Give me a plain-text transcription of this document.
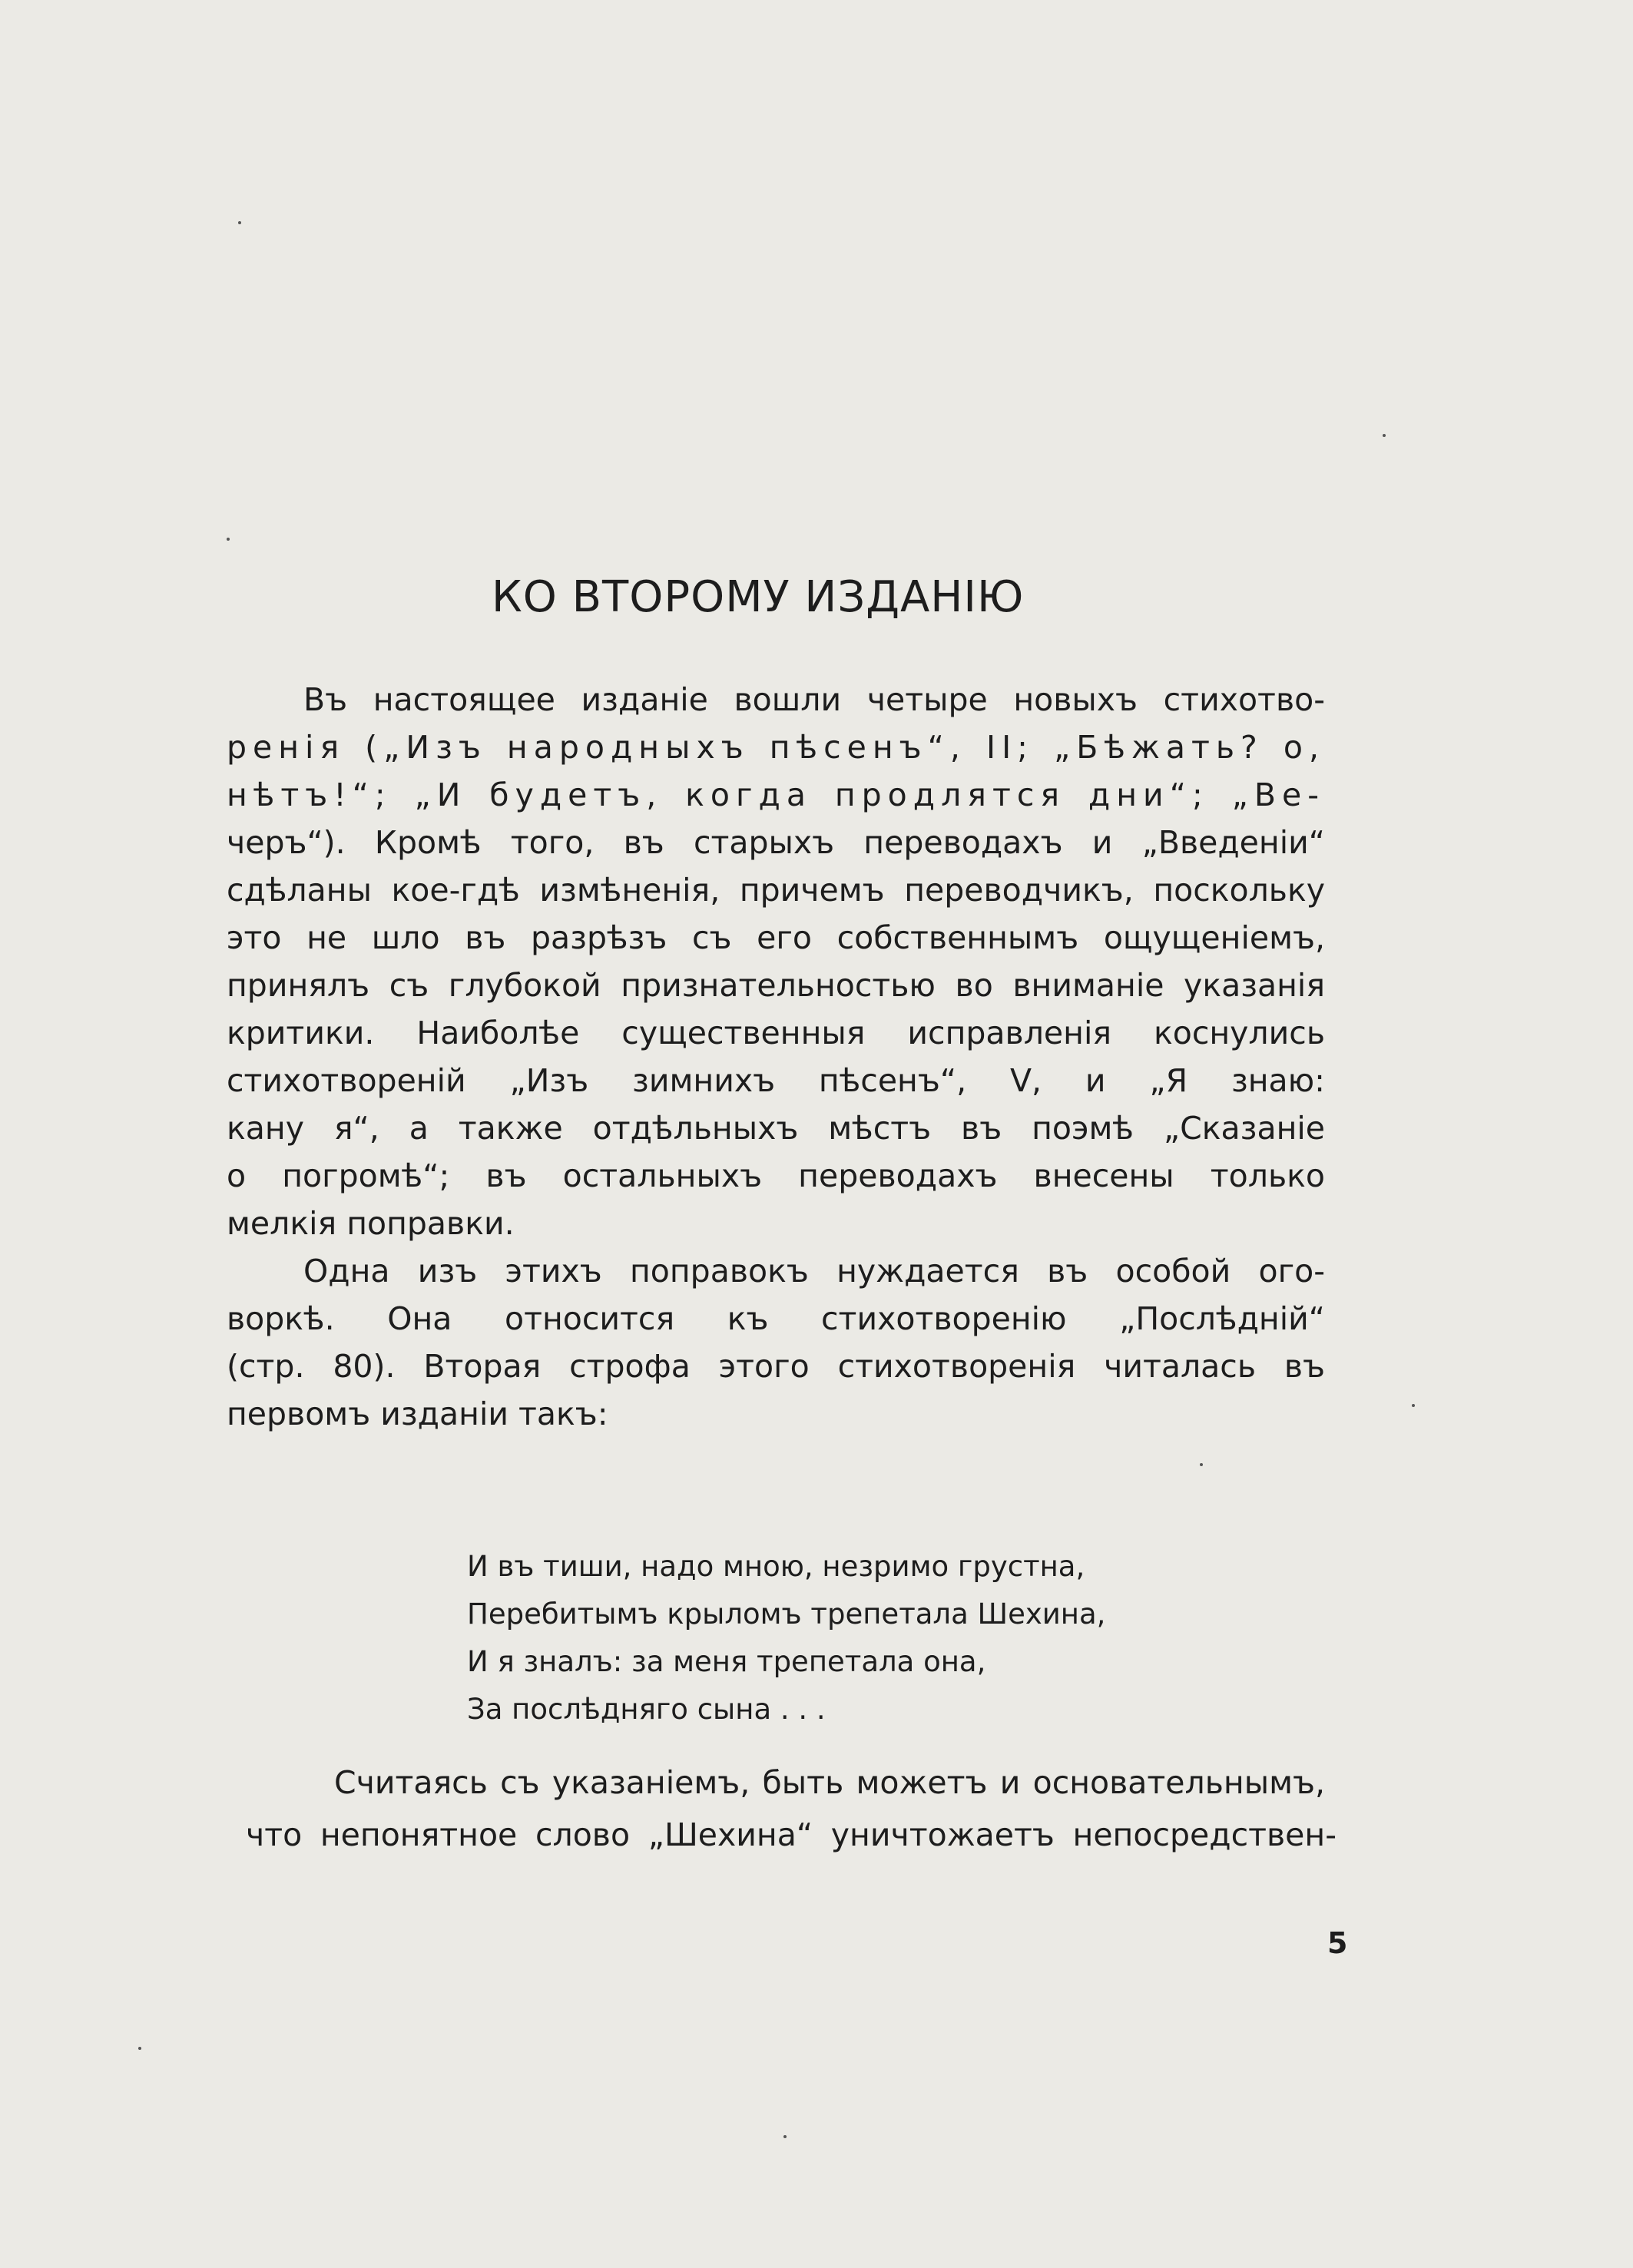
КО ВТОРОМУ ИЗДАНІЮ
Въ настоящее изданіе вошли четыре новыхъ стихотво-
ренія („Изъ народныхъ пѣсенъ“, II; „Бѣжать? о,
нѣтъ!“; „И будетъ, когда продлятся дни“; „Ве-
черъ“). Кромѣ того, въ старыхъ переводахъ и „Введеніи“
сдѣланы кое-гдѣ измѣненія, причемъ переводчикъ, поскольку
это не шло въ разрѣзъ съ его собственнымъ ощущеніемъ,
принялъ съ глубокой признательностью во вниманіе указанія
критики. Наиболѣе существенныя исправленія коснулись
стихотвореній „Изъ зимнихъ пѣсенъ“, V, и „Я знаю:
кану я“, а также отдѣльныхъ мѣстъ въ поэмѣ „Сказаніе
о погромѣ“; въ остальныхъ переводахъ внесены только
мелкія поправки.
Одна изъ этихъ поправокъ нуждается въ особой ого-
воркѣ. Она относится къ стихотворенію „Послѣдній“
(стр. 80). Вторая строфа этого стихотворенія читалась въ
первомъ изданіи такъ:
И въ тиши, надо мною, незримо грустна,
Перебитымъ крыломъ трепетала Шехина,
И я зналъ: за меня трепетала она,
За послѣдняго сына . . .
Считаясь съ указаніемъ, быть можетъ и основательнымъ,
что непонятное слово „Шехина“ уничтожаетъ непосредствен-
5
